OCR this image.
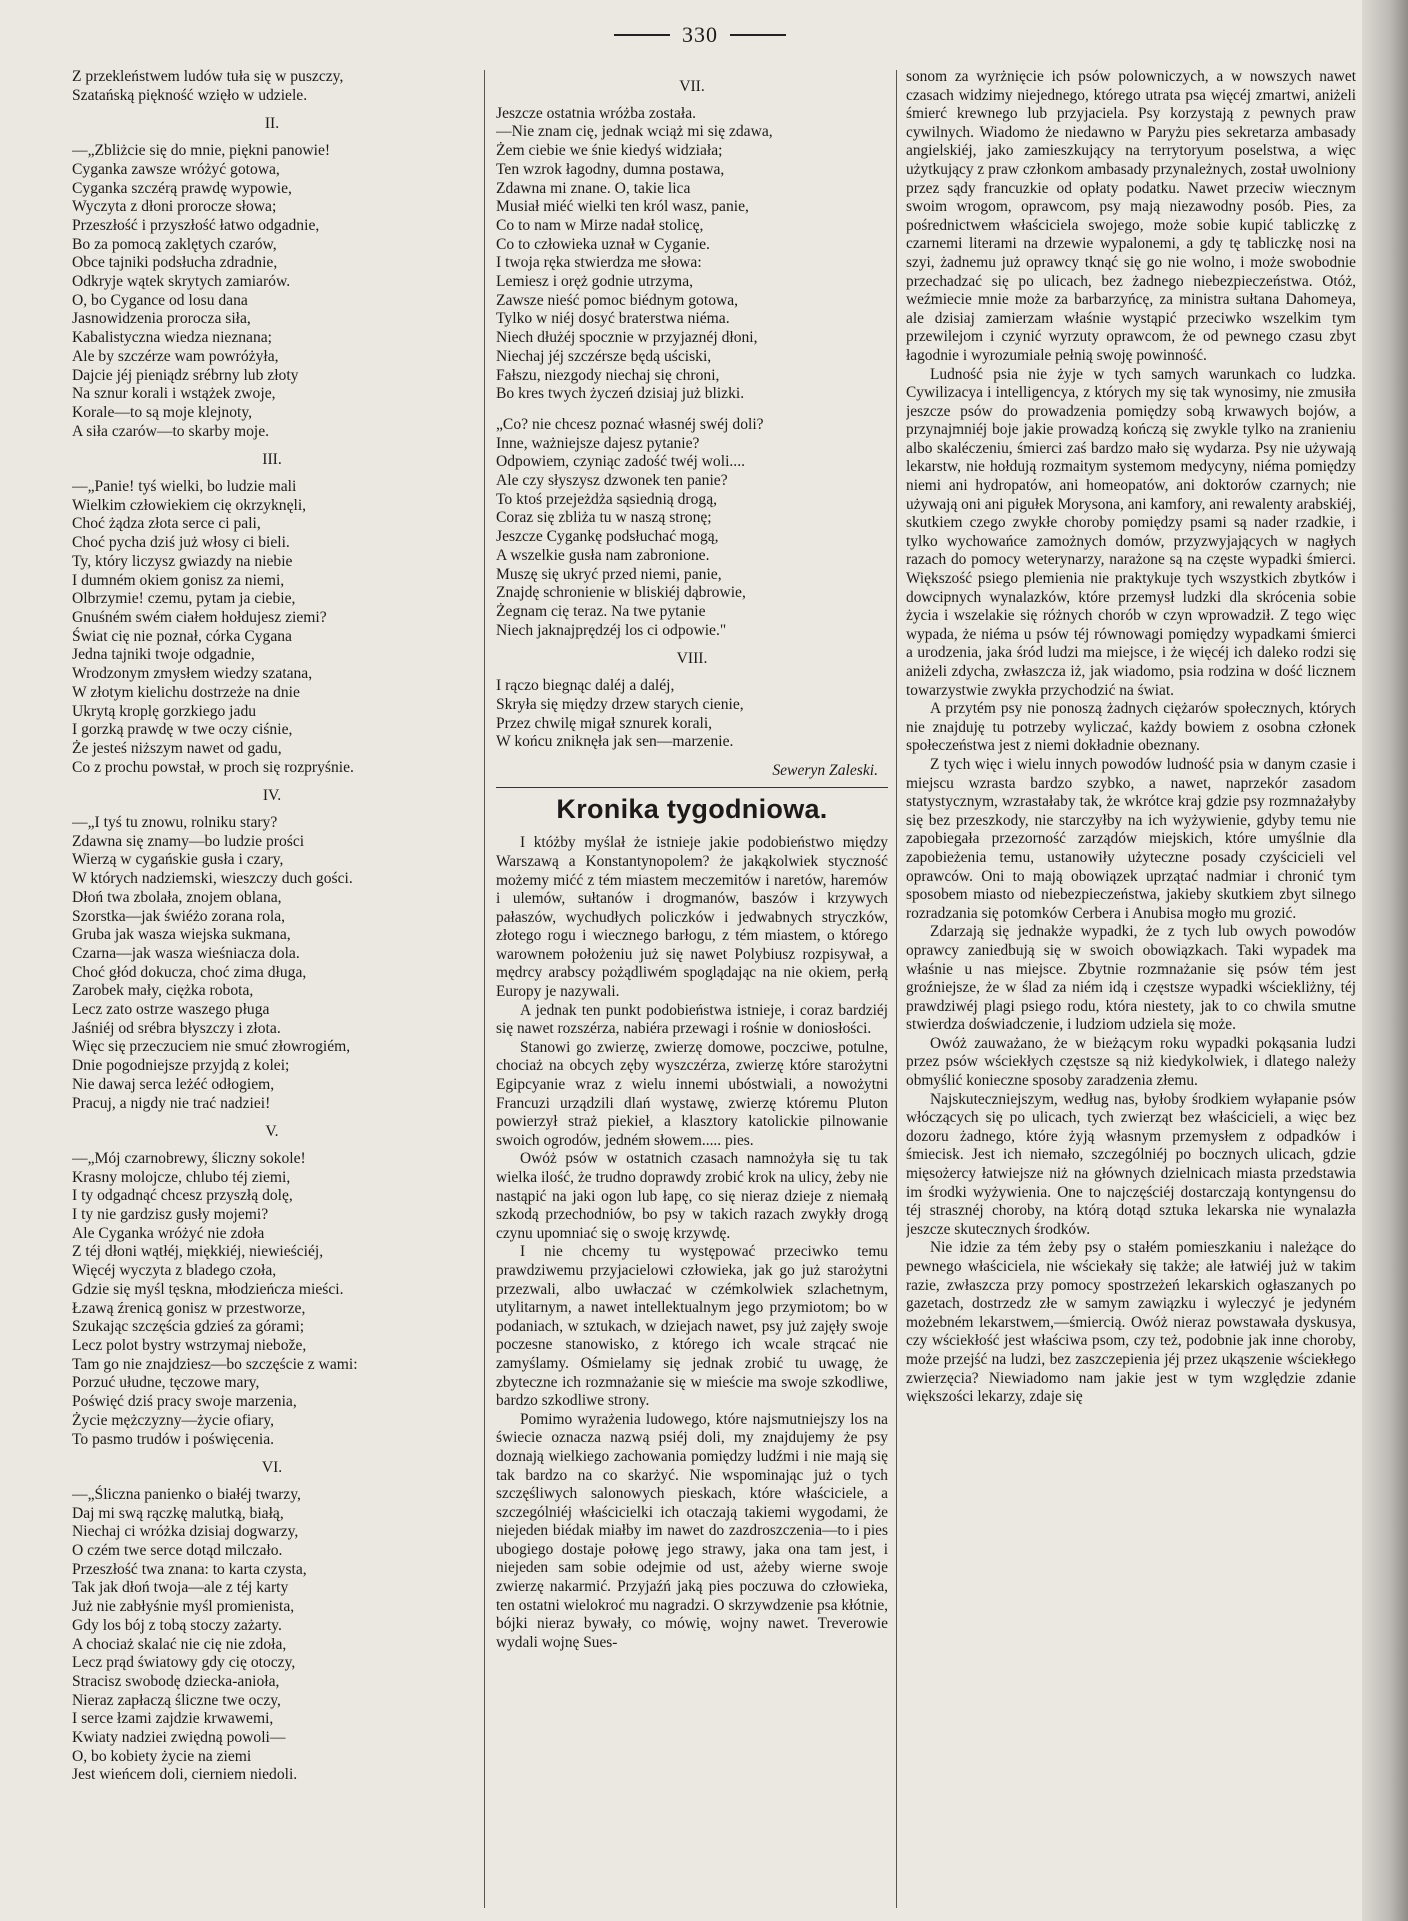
330
Z przekleństwem ludów tuła się w puszczy,
Szatańską piękność wzięło w udziele.
II.
—„Zbliżcie się do mnie, piękni panowie!
Cyganka zawsze wróżyć gotowa,
Cyganka szczérą prawdę wypowie,
Wyczyta z dłoni prorocze słowa;
Przeszłość i przyszłość łatwo odgadnie,
Bo za pomocą zaklętych czarów,
Obce tajniki podsłucha zdradnie,
Odkryje wątek skrytych zamiarów.
O, bo Cygance od losu dana
Jasnowidzenia prorocza siła,
Kabalistyczna wiedza nieznana;
Ale by szczérze wam powróżyła,
Dajcie jéj pieniądz srébrny lub złoty
Na sznur korali i wstążek zwoje,
Korale—to są moje klejnoty,
A siła czarów—to skarby moje.
III.
—„Panie! tyś wielki, bo ludzie mali
Wielkim człowiekiem cię okrzyknęli,
Choć żądza złota serce ci pali,
Choć pycha dziś już włosy ci bieli.
Ty, który liczysz gwiazdy na niebie
I dumném okiem gonisz za niemi,
Olbrzymie! czemu, pytam ja ciebie,
Gnuśném swém ciałem hołdujesz ziemi?
Świat cię nie poznał, córka Cygana
Jedna tajniki twoje odgadnie,
Wrodzonym zmysłem wiedzy szatana,
W złotym kielichu dostrzeże na dnie
Ukrytą kroplę gorzkiego jadu
I gorzką prawdę w twe oczy ciśnie,
Że jesteś niższym nawet od gadu,
Co z prochu powstał, w proch się rozpryśnie.
IV.
—„I tyś tu znowu, rolniku stary?
Zdawna się znamy—bo ludzie prości
Wierzą w cygańskie gusła i czary,
W których nadziemski, wieszczy duch gości.
Dłoń twa zbolała, znojem oblana,
Szorstka—jak świéżo zorana rola,
Gruba jak wasza wiejska sukmana,
Czarna—jak wasza wieśniacza dola.
Choć głód dokucza, choć zima długa,
Zarobek mały, ciężka robota,
Lecz zato ostrze waszego pługa
Jaśniéj od srébra błyszczy i złota.
Więc się przeczuciem nie smuć złowrogiém,
Dnie pogodniejsze przyjdą z kolei;
Nie dawaj serca leżéć odłogiem,
Pracuj, a nigdy nie trać nadziei!
V.
—„Mój czarnobrewy, śliczny sokole!
Krasny molojcze, chlubo téj ziemi,
I ty odgadnąć chcesz przyszłą dolę,
I ty nie gardzisz gusły mojemi?
Ale Cyganka wróżyć nie zdoła
Z téj dłoni wątłéj, miękkiéj, niewieściéj,
Więcéj wyczyta z bladego czoła,
Gdzie się myśl tęskna, młodzieńcza mieści.
Łzawą źrenicą gonisz w przestworze,
Szukając szczęścia gdzieś za górami;
Lecz polot bystry wstrzymaj niebože,
Tam go nie znajdziesz—bo szczęście z wami:
Porzuć ułudne, tęczowe mary,
Poświęć dziś pracy swoje marzenia,
Życie mężczyzny—życie ofiary,
To pasmo trudów i poświęcenia.
VI.
—„Śliczna panienko o białéj twarzy,
Daj mi swą rączkę malutką, białą,
Niechaj ci wróżka dzisiaj dogwarzy,
O czém twe serce dotąd milczało.
Przeszłość twa znana: to karta czysta,
Tak jak dłoń twoja—ale z téj karty
Już nie zabłyśnie myśl promienista,
Gdy los bój z tobą stoczy zażarty.
A chociaż skalać nie cię nie zdoła,
Lecz prąd światowy gdy cię otoczy,
Stracisz swobodę dziecka-anioła,
Nieraz zapłaczą śliczne twe oczy,
I serce łzami zajdzie krwawemi,
Kwiaty nadziei zwiędną powoli—
O, bo kobiety życie na ziemi
Jest wieńcem doli, cierniem niedoli.
VII.
Jeszcze ostatnia wróżba została.
—Nie znam cię, jednak wciąż mi się zdawa,
Żem ciebie we śnie kiedyś widziała;
Ten wzrok łagodny, dumna postawa,
Zdawna mi znane. O, takie lica
Musiał miéć wielki ten król wasz, panie,
Co to nam w Mirze nadał stolicę,
Co to człowieka uznał w Cyganie.
I twoja ręka stwierdza me słowa:
Lemiesz i oręż godnie utrzyma,
Zawsze nieść pomoc biédnym gotowa,
Tylko w niéj dosyć braterstwa niéma.
Niech dłużéj spocznie w przyjaznéj dłoni,
Niechaj jéj szczérsze będą uściski,
Fałszu, niezgody niechaj się chroni,
Bo kres twych życzeń dzisiaj już blizki.
„Co? nie chcesz poznać własnéj swéj doli?
Inne, ważniejsze dajesz pytanie?
Odpowiem, czyniąc zadość twéj woli....
Ale czy słyszysz dzwonek ten panie?
To ktoś przejeżdża sąsiednią drogą,
Coraz się zbliża tu w naszą stronę;
Jeszcze Cygankę podsłuchać mogą,
A wszelkie gusła nam zabronione.
Muszę się ukryć przed niemi, panie,
Znajdę schronienie w bliskiéj dąbrowie,
Żegnam cię teraz. Na twe pytanie
Niech jaknajprędzéj los ci odpowie."
VIII.
I rączo biegnąc daléj a daléj,
Skryła się między drzew starych cienie,
Przez chwilę migał sznurek korali,
W końcu zniknęła jak sen—marzenie.
Seweryn Zaleski.
Kronika tygodniowa.

I któżby myślał że istnieje jakie podobieństwo między Warszawą a Konstantynopolem? że jakąkolwiek styczność możemy mićć z tém miastem meczemitów i naretów, haremów i ulemów, sułtanów i drogmanów, baszów i krzywych pałaszów, wychudłych policzków i jedwabnych stryczków, złotego rogu i wiecznego barłogu, z tém miastem, o którego warownem położeniu już się nawet Polybiusz rozpisywał, a mędrcy arabscy pożądliwém spoglądając na nie okiem, perłą Europy je nazywali.

A jednak ten punkt podobieństwa istnieje, i coraz bardziéj się nawet rozszérza, nabiéra przewagi i rośnie w doniosłości.

Stanowi go zwierzę, zwierzę domowe, poczciwe, potulne, chociaż na obcych zęby wyszczérza, zwierzę które starożytni Egipcyanie wraz z wielu innemi ubóstwiali, a nowożytni Francuzi urządzili dlań wystawę, zwierzę któremu Pluton powierzył straż piekieł, a klasztory katolickie pilnowanie swoich ogrodów, jedném słowem..... pies.

Owóż psów w ostatnich czasach namnożyła się tu tak wielka ilość, że trudno doprawdy zrobić krok na ulicy, żeby nie nastąpić na jaki ogon lub łapę, co się nieraz dzieje z niemałą szkodą przechodniów, bo psy w takich razach zwykły drogą czynu upomniać się o swoję krzywdę.

I nie chcemy tu występować przeciwko temu prawdziwemu przyjacielowi człowieka, jak go już starożytni przezwali, albo uwłaczać w czémkolwiek szlachetnym, utylitarnym, a nawet intellektualnym jego przymiotom; bo w podaniach, w sztukach, w dziejach nawet, psy już zajęły swoje poczesne stanowisko, z którego ich wcale strącać nie zamyślamy. Ośmielamy się jednak zrobić tu uwagę, że zbyteczne ich rozmnażanie się w mieście ma swoje szkodliwe, bardzo szkodliwe strony.

Pomimo wyrażenia ludowego, które najsmutniejszy los na świecie oznacza nazwą psiéj doli, my znajdujemy że psy doznają wielkiego zachowania pomiędzy ludźmi i nie mają się tak bardzo na co skarżyć. Nie wspominając już o tych szczęśliwych salonowych pieskach, które właściciele, a szczególniéj właścicielki ich otaczają takiemi wygodami, że niejeden biédak miałby im nawet do zazdroszczenia—to i pies ubogiego dostaje połowę jego strawy, jaka ona tam jest, i niejeden sam sobie odejmie od ust, ażeby wierne swoje zwierzę nakarmić. Przyjaźń jaką pies poczuwa do człowieka, ten ostatni wielokroć mu nagradzi. O skrzywdzenie psa kłótnie, bójki nieraz bywały, co mówię, wojny nawet. Treverowie wydali wojnę Sues-

sonom za wyrżnięcie ich psów polowniczych, a w nowszych nawet czasach widzimy niejednego, którego utrata psa więcéj zmartwi, aniżeli śmierć krewnego lub przyjaciela. Psy korzystają z pewnych praw cywilnych. Wiadomo że niedawno w Paryżu pies sekretarza ambasady angielskiéj, jako zamieszkujący na terrytoryum poselstwa, a więc użytkujący z praw członkom ambasady przynależnych, został uwolniony przez sądy francuzkie od opłaty podatku. Nawet przeciw wiecznym swoim wrogom, oprawcom, psy mają niezawodny posób. Pies, za pośrednictwem właściciela swojego, może sobie kupić tabliczkę z czarnemi literami na drzewie wypalonemi, a gdy tę tabliczkę nosi na szyi, żadnemu już oprawcy tknąć się go nie wolno, i może swobodnie przechadzać się po ulicach, bez żadnego niebezpieczeństwa. Otóż, weźmiecie mnie może za barbarzyńcę, za ministra sułtana Dahomeya, ale dzisiaj zamierzam właśnie wystąpić przeciwko wszelkim tym przewilejom i czynić wyrzuty oprawcom, że od pewnego czasu zbyt łagodnie i wyrozumiale pełnią swoję powinność.

Ludność psia nie żyje w tych samych warunkach co ludzka. Cywilizacya i intelligencya, z których my się tak wynosimy, nie zmusiła jeszcze psów do prowadzenia pomiędzy sobą krwawych bojów, a przynajmniéj boje jakie prowadzą kończą się zwykle tylko na zranieniu albo skaléczeniu, śmierci zaś bardzo mało się wydarza. Psy nie używają lekarstw, nie hołdują rozmaitym systemom medycyny, niéma pomiędzy niemi ani hydropatów, ani homeopatów, ani doktorów czarnych; nie używają oni ani pigułek Morysona, ani kamfory, ani rewalenty arabskiéj, skutkiem czego zwykłe choroby pomiędzy psami są nader rzadkie, i tylko wychowańce zamożnych domów, przyzwyjających w nagłych razach do pomocy weterynarzy, narażone są na częste wypadki śmierci. Większość psiego plemienia nie praktykuje tych wszystkich zbytków i dowcipnych wynalazków, które przemysł ludzki dla skrócenia sobie życia i wszelakie się różnych chorób w czyn wprowadził. Z tego więc wypada, że niéma u psów téj równowagi pomiędzy wypadkami śmierci a urodzenia, jaka śród ludzi ma miejsce, i że więcéj ich daleko rodzi się aniżeli zdycha, zwłaszcza iż, jak wiadomo, psia rodzina w dość licznem towarzystwie zwykła przychodzić na świat.

A przytém psy nie ponoszą żadnych ciężarów społecznych, których nie znajduję tu potrzeby wyliczać, każdy bowiem z osobna członek społeczeństwa jest z niemi dokładnie obeznany.

Z tych więc i wielu innych powodów ludność psia w danym czasie i miejscu wzrasta bardzo szybko, a nawet, naprzekór zasadom statystycznym, wzrastałaby tak, że wkrótce kraj gdzie psy rozmnażałyby się bez przeszkody, nie starczyłby na ich wyżywienie, gdyby temu nie zapobiegała przezorność zarządów miejskich, które umyślnie dla zapobieżenia temu, ustanowiły użyteczne posady czyścicieli vel oprawców. Oni to mają obowiązek uprzątać nadmiar i chronić tym sposobem miasto od niebezpieczeństwa, jakieby skutkiem zbyt silnego rozradzania się potomków Cerbera i Anubisa mogło mu grozić.

Zdarzają się jednakże wypadki, że z tych lub owych powodów oprawcy zaniedbują się w swoich obowiązkach. Taki wypadek ma właśnie u nas miejsce. Zbytnie rozmnażanie się psów tém jest groźniejsze, że w ślad za niém idą i częstsze wypadki wściekliżny, téj prawdziwéj plagi psiego rodu, która niestety, jak to co chwila smutne stwierdza doświadczenie, i ludziom udziela się może.

Owóż zauważano, że w bieżącym roku wypadki pokąsania ludzi przez psów wściekłych częstsze są niż kiedykolwiek, i dlatego należy obmyślić konieczne sposoby zaradzenia złemu.

Najskuteczniejszym, według nas, byłoby środkiem wyłapanie psów włóczących się po ulicach, tych zwierząt bez właścicieli, a więc bez dozoru żadnego, które żyją własnym przemysłem z odpadków i śmiecisk. Jest ich niemało, szczególniéj po bocznych ulicach, gdzie mięsożercy łatwiejsze niż na głównych dzielnicach miasta przedstawia im środki wyżywienia. One to najczęściéj dostarczają kontyngensu do téj strasznéj choroby, na którą dotąd sztuka lekarska nie wynalazła jeszcze skutecznych środków.

Nie idzie za tém żeby psy o stałém pomieszkaniu i należące do pewnego właściciela, nie wściekały się także; ale łatwiéj już w takim razie, zwłaszcza przy pomocy spostrzeżeń lekarskich ogłaszanych po gazetach, dostrzedz złe w samym zawiązku i wyleczyć je jedyném możebném lekarstwem,—śmiercią. Owóż nieraz powstawała dyskusya, czy wściekłość jest właściwa psom, czy też, podobnie jak inne choroby, może przejść na ludzi, bez zaszczepienia jéj przez ukąszenie wściekłego zwierzęcia? Niewiadomo nam jakie jest w tym względzie zdanie większości lekarzy, zdaje się
